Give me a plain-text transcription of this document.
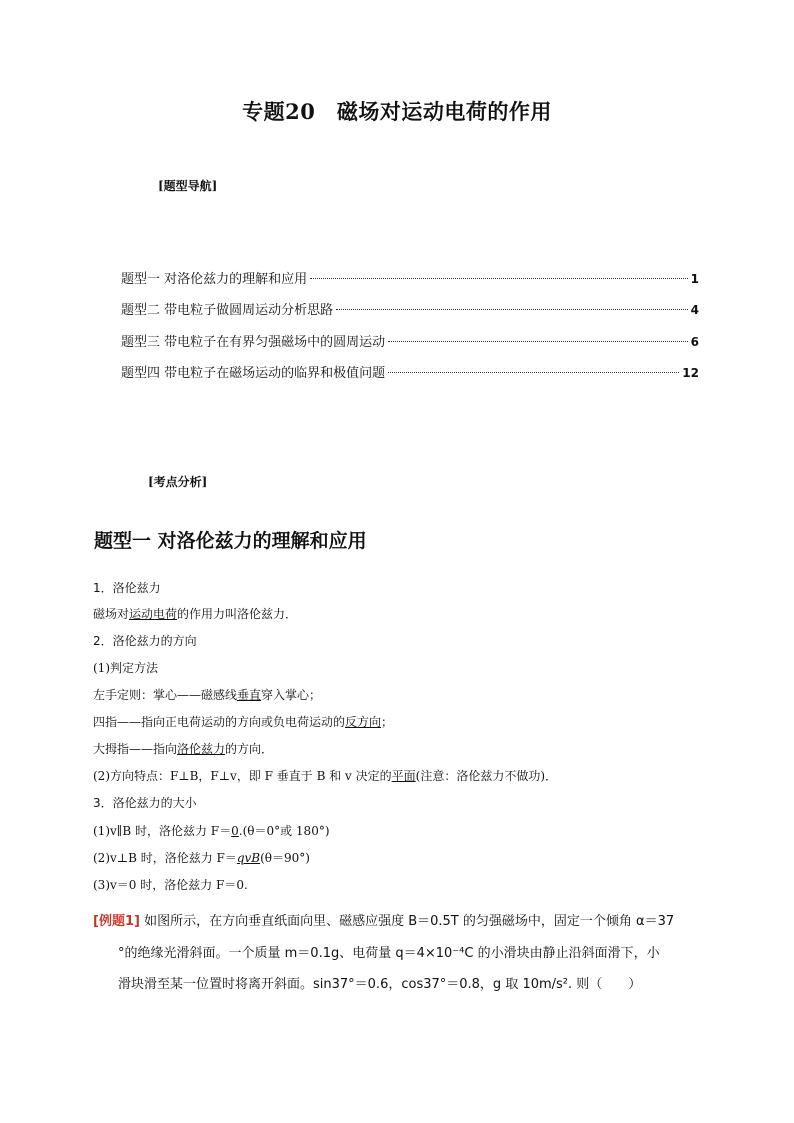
专题20　磁场对运动电荷的作用
[题型导航]
题型一 对洛伦兹力的理解和应用	1
题型二 带电粒子做圆周运动分析思路	4
题型三 带电粒子在有界匀强磁场中的圆周运动	6
题型四 带电粒子在磁场运动的临界和极值问题	12
[考点分析]
题型一 对洛伦兹力的理解和应用
1．洛伦兹力
磁场对运动电荷的作用力叫洛伦兹力．
2．洛伦兹力的方向
(1)判定方法
左手定则：掌心——磁感线垂直穿入掌心；
四指——指向正电荷运动的方向或负电荷运动的反方向；
大拇指——指向洛伦兹力的方向．
(2)方向特点：F⊥B，F⊥v，即 F 垂直于 B 和 v 决定的平面(注意：洛伦兹力不做功)．
3．洛伦兹力的大小
(1)v∥B 时，洛伦兹力 F＝0.(θ＝0°或 180°)
(2)v⊥B 时，洛伦兹力 F＝qvB(θ＝90°)
(3)v＝0 时，洛伦兹力 F＝0.
[例题1] 如图所示，在方向垂直纸面向里、磁感应强度 B＝0.5T 的匀强磁场中，固定一个倾角 α＝37
°的绝缘光滑斜面。一个质量 m＝0.1g、电荷量 q＝4×10⁻⁴C 的小滑块由静止沿斜面滑下，小
滑块滑至某一位置时将离开斜面。sin37°＝0.6，cos37°＝0.8，g 取 10m/s². 则（　　）
